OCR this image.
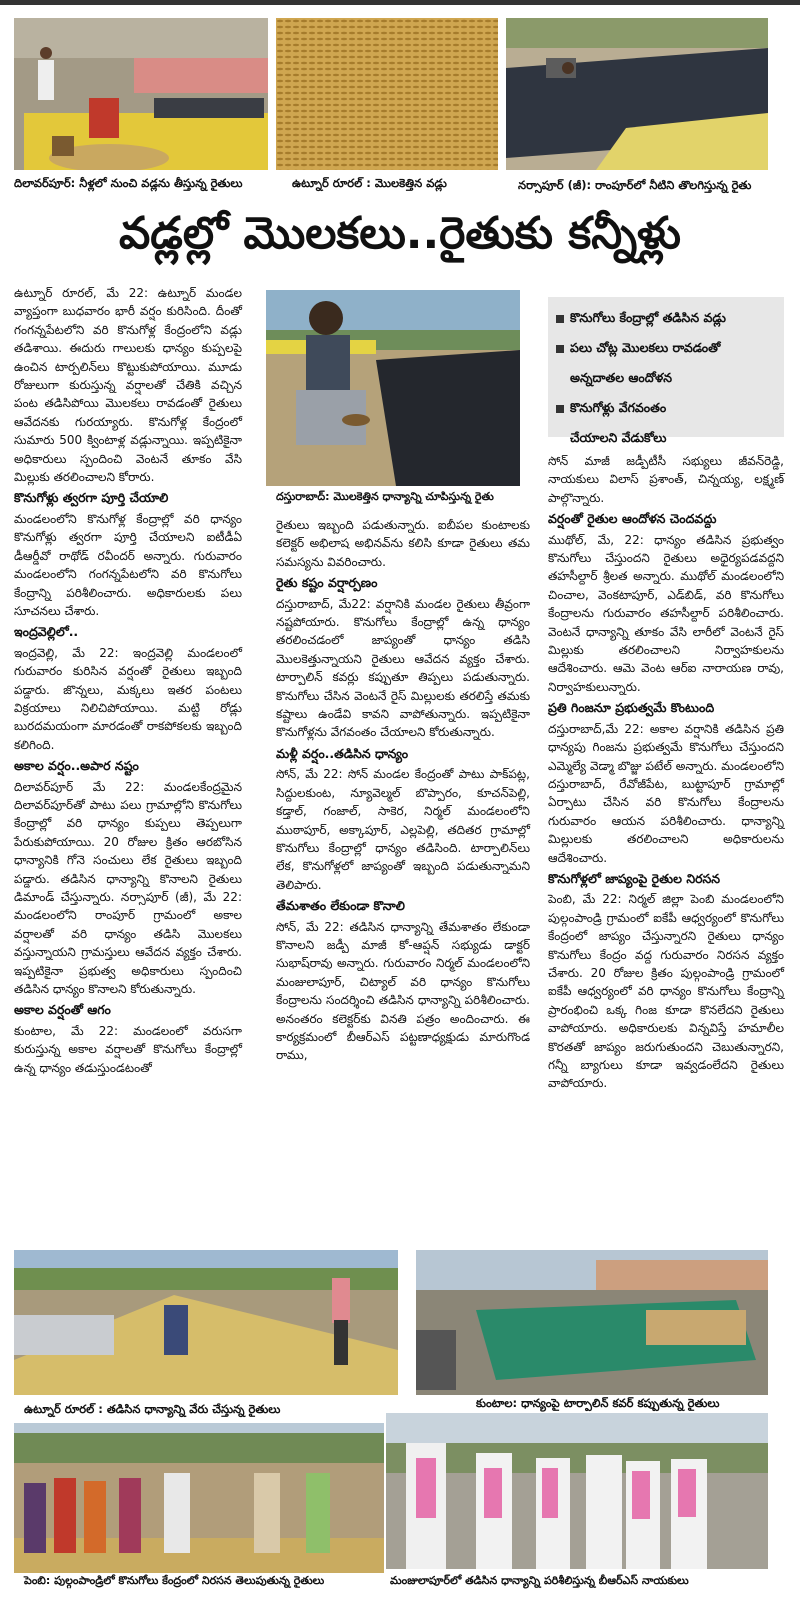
దిలావర్‌పూర్: నీళ్లలో నుంచి వడ్లను తీస్తున్న రైతులు	ఉట్నూర్ రూరల్ : మొలకెత్తిన వడ్లు	నర్సాపూర్ (జీ): రాంపూర్‌లో నీటిని తొలగిస్తున్న రైతు
వడ్లల్లో మొలకలు..రైతుకు కన్నీళ్లు

ఉట్నూర్ రూరల్, మే 22: ఉట్నూర్ మండల వ్యాప్తంగా బుధవారం భారీ వర్షం కురిసింది. దీంతో గంగన్నపేటలోని వరి కొనుగోళ్ల కేంద్రంలోని వడ్లు తడిశాయి. ఈదురు గాలులకు ధాన్యం కుప్పలపై ఉంచిన టార్పలిన్‌లు కొట్టుకుపోయాయి. మూడు రోజులుగా కురుస్తున్న వర్షాలతో చేతికి వచ్చిన పంట తడిసిపోయి మొలకలు రావడంతో రైతులు ఆవేదనకు గురయ్యారు. కొనుగోళ్ల కేంద్రంలో సుమారు 500 క్వింటాళ్ల వడ్లున్నాయి. ఇప్పటికైనా అధికారులు స్పందించి వెంటనే తూకం వేసి మిల్లుకు తరలించాలని కోరారు.

కొనుగోళ్లు త్వరగా పూర్తి చేయాలి

మండలంలోని కొనుగోళ్ల కేంద్రాల్లో వరి ధాన్యం కొనుగోళ్లు త్వరగా పూర్తి చేయాలని ఐటీడీఏ డీఆర్డీవో రాథోడ్ రవీందర్ అన్నారు. గురువారం మండలంలోని గంగన్నపేటలోని వరి కొనుగోలు కేంద్రాన్ని పరిశీలించారు. అధికారులకు పలు సూచనలు చేశారు.

ఇంద్రవెల్లిలో..

ఇంద్రవెల్లి, మే 22: ఇంద్రవెల్లి మండలంలో గురువారం కురిసిన వర్షంతో రైతులు ఇబ్బంది పడ్డారు. జొన్నలు, మక్కలు ఇతర పంటలు విక్రయాలు నిలిచిపోయాయి. మట్టి రోడ్లు బురదమయంగా మారడంతో రాకపోకలకు ఇబ్బంది కలిగింది.

అకాల వర్షం..అపార నష్టం

దిలావర్‌పూర్ మే 22: మండలకేంద్రమైన దిలావర్‌పూర్‌తో పాటు పలు గ్రామాల్లోని కొనుగోలు కేంద్రాల్లో వరి ధాన్యం కుప్పలు తెప్పలుగా పేరుకుపోయాయి. 20 రోజుల క్రితం ఆరబోసిన ధాన్యానికి గోనె సంచులు లేక రైతులు ఇబ్బంది పడ్డారు. తడిసిన ధాన్యాన్ని కొనాలని రైతులు డిమాండ్ చేస్తున్నారు. నర్సాపూర్ (జీ), మే 22: మండలంలోని రాంపూర్ గ్రామంలో అకాల వర్షాలతో వరి ధాన్యం తడిసి మొలకలు వస్తున్నాయని గ్రామస్తులు ఆవేదన వ్యక్తం చేశారు. ఇప్పటికైనా ప్రభుత్వ అధికారులు స్పందించి తడిసిన ధాన్యం కొనాలని కోరుతున్నారు.

అకాల వర్షంతో ఆగం

కుంటాల, మే 22: మండలంలో వరుసగా కురుస్తున్న అకాల వర్షాలతో కొనుగోలు కేంద్రాల్లో ఉన్న ధాన్యం తడుస్తుండటంతో

దస్తురాబాద్: మొలకెత్తిన ధాన్యాన్ని చూపిస్తున్న రైతు

రైతులు ఇబ్బంది పడుతున్నారు. ఐబీపల కుంటాలకు కలెక్టర్ అభిలాష అభినవ్‌ను కలిసి కూడా రైతులు తమ సమస్యను వివరించారు.

రైతు కష్టం వర్షార్పణం

దస్తురాబాద్, మే22: వర్షానికి మండల రైతులు తీవ్రంగా నష్టపోయారు. కొనుగోలు కేంద్రాల్లో ఉన్న ధాన్యం తరలించడంలో జాప్యంతో ధాన్యం తడిసి మొలకెత్తున్నాయని రైతులు ఆవేదన వ్యక్తం చేశారు. టార్పాలిన్ కవర్లు కప్పుతూ తిప్పలు పడుతున్నారు. కొనుగోలు చేసిన వెంటనే రైస్ మిల్లులకు తరలిస్తే తమకు కష్టాలు ఉండేవి కావని వాపోతున్నారు. ఇప్పటికైనా కొనుగోళ్లను వేగవంతం చేయాలని కోరుతున్నారు.

మళ్లీ వర్షం..తడిసిన ధాన్యం

సోన్, మే 22: సోన్ మండల కేంద్రంతో పాటు పాక్‌పట్ల, సిద్దులకుంట, న్యూవెల్మల్ బొప్పారం, కూచన్‌పెల్లి, కడ్తాల్, గంజాల్, సాకెర, నిర్మల్ మండలంలోని ముఠాపూర్, అక్కాపూర్, ఎల్లపెల్లి, తదితర గ్రామాల్లో కొనుగోలు కేంద్రాల్లో ధాన్యం తడిసింది. టార్పాలిన్‌లు లేక, కొనుగోళ్లలో జాప్యంతో ఇబ్బంది పడుతున్నామని తెలిపారు.

తేమశాతం లేకుండా కొనాలి

సోన్, మే 22: తడిసిన ధాన్యాన్ని తేమశాతం లేకుండా కొనాలని జడ్పీ మాజీ కో-ఆప్షన్ సభ్యుడు డాక్టర్ సుభాష్‌రావు అన్నారు. గురువారం నిర్మల్ మండలంలోని మంజులాపూర్, చిట్యాల్ వరి ధాన్యం కొనుగోలు కేంద్రాలను సందర్శించి తడిసిన ధాన్యాన్ని పరిశీలించారు. అనంతరం కలెక్టర్‌కు వినతి పత్రం అందించారు. ఈ కార్యక్రమంలో బీఆర్ఎస్ పట్టణాధ్యక్షుడు మారుగొండ రాము,

కొనుగోలు కేంద్రాల్లో తడిసిన వడ్లు
పలు చోట్ల మొలకలు రావడంతో
అన్నదాతల ఆందోళన
కొనుగోళ్లు వేగవంతం
చేయాలని వేడుకోలు

సోన్ మాజీ జడ్పీటీసీ సభ్యులు జీవన్‌రెడ్డి, నాయకులు విలాస్ ప్రశాంత్, చిన్నయ్య, లక్ష్మణ్ పాల్గొన్నారు.

వర్షంతో రైతుల ఆందోళన చెందవద్దు

ముథోల్, మే, 22: ధాన్యం తడిసిన ప్రభుత్వం కొనుగోలు చేస్తుందని రైతులు అధైర్యపడవద్దని తహసీల్దార్ శ్రీలత అన్నారు. ముథోల్ మండలంలోని చించాల, వెంకటాపూర్, ఎడ్‌బిడ్, వరి కొనుగోలు కేంద్రాలను గురువారం తహసీల్దార్ పరిశీలించారు. వెంటనే ధాన్యాన్ని తూకం వేసి లారీలో వెంటనే రైస్ మిల్లుకు తరలించాలని నిర్వాహకులను ఆదేశించారు. ఆమె వెంట ఆర్ఐ నారాయణ రావు, నిర్వాహకులున్నారు.

ప్రతి గింజనూ ప్రభుత్వమే కొంటుంది

దస్తురాబాద్,మే 22: అకాల వర్షానికి తడిసిన ప్రతి ధాన్యపు గింజను ప్రభుత్వమే కొనుగోలు చేస్తుందని ఎమ్మెల్యే వెడ్మా బొజ్జు పటేల్ అన్నారు. మండలంలోని దస్తురాబాద్, రేవోజీపేట, బుట్టాపూర్ గ్రామాల్లో ఏర్పాటు చేసిన వరి కొనుగోలు కేంద్రాలను గురువారం ఆయన పరిశీలించారు. ధాన్యాన్ని మిల్లులకు తరలించాలని అధికారులను ఆదేశించారు.

కొనుగోళ్లలో జాప్యంపై రైతుల నిరసన

పెంబి, మే 22: నిర్మల్ జిల్లా పెంబి మండలంలోని పుల్గంపాండ్రి గ్రామంలో ఐకేపీ ఆధ్వర్యంలో కొనుగోలు కేంద్రంలో జాప్యం చేస్తున్నారని రైతులు ధాన్యం కొనుగోలు కేంద్రం వద్ద గురువారం నిరసన వ్యక్తం చేశారు. 20 రోజుల క్రితం పుల్గంపాండ్రి గ్రామంలో ఐకేపీ ఆధ్వర్యంలో వరి ధాన్యం కొనుగోలు కేంద్రాన్ని ప్రారంభించి ఒక్క గింజ కూడా కొనలేదని రైతులు వాపోయారు. అధికారులకు విన్నవిస్తే హమాలీల కొరతతో జాప్యం జరుగుతుందని చెబుతున్నారని, గన్నీ బ్యాగులు కూడా ఇవ్వడంలేదని రైతులు వాపోయారు.

ఉట్నూర్ రూరల్ : తడిసిన ధాన్యాన్ని వేరు చేస్తున్న రైతులు	కుంటాల: ధాన్యంపై టార్పాలిన్ కవర్ కప్పుతున్న రైతులు
పెంబి: పుల్గంపాండ్రిలో కొనుగోలు కేంద్రంలో నిరసన తెలుపుతున్న రైతులు	మంజులాపూర్‌లో తడిసిన ధాన్యాన్ని పరిశీలిస్తున్న బీఆర్ఎస్ నాయకులు
